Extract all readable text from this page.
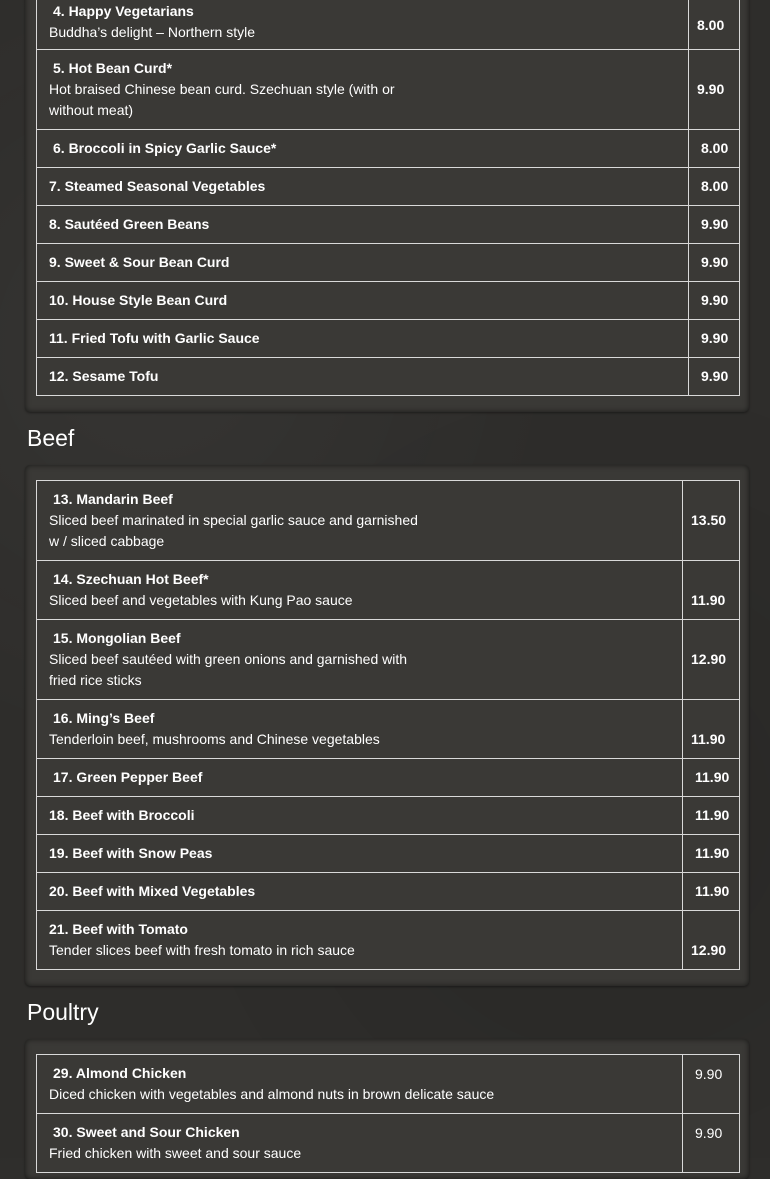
4. Happy Vegetarians
Buddha’s delight – Northern style	8.00

5. Hot Bean Curd*
Hot braised Chinese bean curd. Szechuan style (with or without meat)	9.90

6. Broccoli in Spicy Garlic Sauce*	8.00

7. Steamed Seasonal Vegetables	8.00

8. Sautéed Green Beans	9.90

9. Sweet & Sour Bean Curd	9.90

10. House Style Bean Curd	9.90

11. Fried Tofu with Garlic Sauce	9.90

12. Sesame Tofu	9.90
Beef
13. Mandarin Beef
Sliced beef marinated in special garlic sauce and garnished w / sliced cabbage	13.50

14. Szechuan Hot Beef*
Sliced beef and vegetables with Kung Pao sauce	11.90

15. Mongolian Beef
Sliced beef sautéed with green onions and garnished with fried rice sticks	12.90

16. Ming’s Beef
Tenderloin beef, mushrooms and Chinese vegetables	11.90

17. Green Pepper Beef	11.90

18. Beef with Broccoli	11.90

19. Beef with Snow Peas	11.90

20. Beef with Mixed Vegetables	11.90

21. Beef with Tomato
Tender slices beef with fresh tomato in rich sauce	12.90
Poultry
29. Almond Chicken
Diced chicken with vegetables and almond nuts in brown delicate sauce	9.90

30. Sweet and Sour Chicken
Fried chicken with sweet and sour sauce	9.90
